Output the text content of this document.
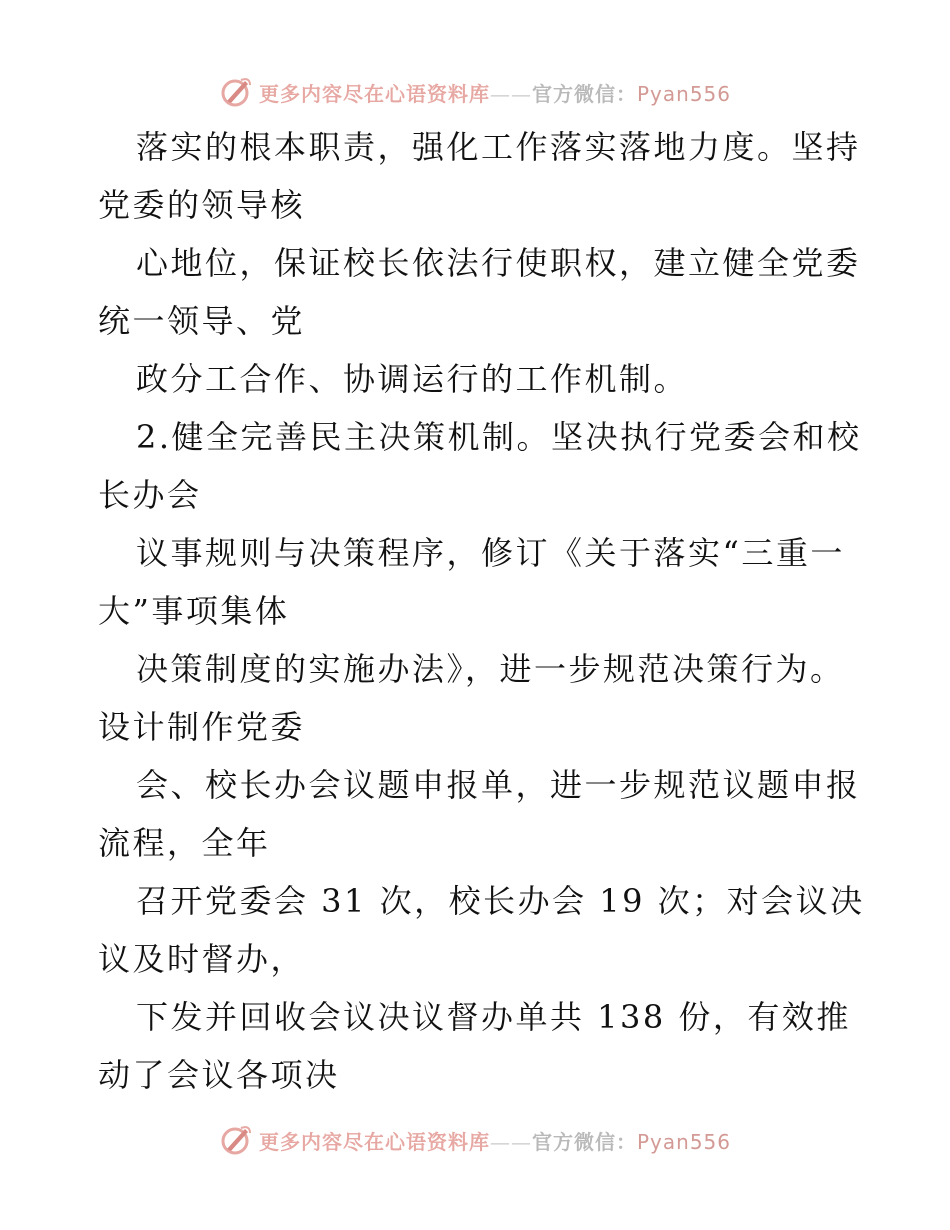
更多内容尽在心语资料库——官方微信：Pyan556
落实的根本职责，强化工作落实落地力度。坚持
党委的领导核
心地位，保证校长依法行使职权，建立健全党委
统一领导、党
政分工合作、协调运行的工作机制。
2.健全完善民主决策机制。坚决执行党委会和校
长办会
议事规则与决策程序，修订《关于落实“三重一
大”事项集体
决策制度的实施办法》，进一步规范决策行为。
设计制作党委
会、校长办会议题申报单，进一步规范议题申报
流程，全年
召开党委会 31 次，校长办会 19 次；对会议决
议及时督办，
下发并回收会议决议督办单共 138 份，有效推
动了会议各项决
更多内容尽在心语资料库——官方微信：Pyan556
